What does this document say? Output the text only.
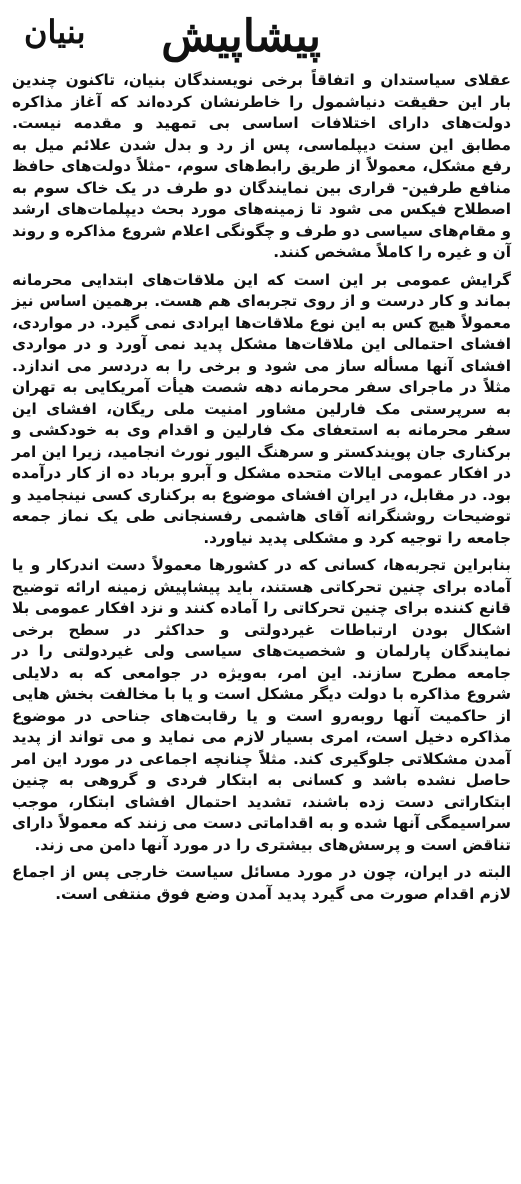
پیشاپیش
بنیان

عقلای سیاستدان و اتفاقاً برخی نویسندگان بنیان، تاکنون چندین بار این حقیقت دنیاشمول را خاطرنشان کرده‌اند که آغاز مذاکره دولت‌های دارای اختلافات اساسی بی تمهید و مقدمه نیست. مطابق این سنت دیپلماسی، پس از رد و بدل شدن علائم میل به رفع مشکل، معمولاً از طریق رابط‌های سوم، -مثلاً دولت‌های حافظ منافع طرفین- قراری بین نمایندگان دو طرف در یک خاک سوم به اصطلاح فیکس می شود تا زمینه‌های مورد بحث دیپلمات‌های ارشد و مقام‌های سیاسی دو طرف و چگونگی اعلام شروع مذاکره و روند آن و غیره را کاملاً مشخص کنند.

گرایش عمومی بر این است که این ملاقات‌های ابتدایی محرمانه بماند و کار درست و از روی تجربه‌ای هم هست. برهمین اساس نیز معمولاً هیچ کس به این نوع ملاقات‌ها ایرادی نمی گیرد. در مواردی، افشای احتمالی این ملاقات‌ها مشکل پدید نمی آورد و در مواردی افشای آنها مسأله ساز می شود و برخی را به دردسر می اندازد. مثلاً در ماجرای سفر محرمانه دهه شصت هیأت آمریکایی به تهران به سرپرستی مک فارلین مشاور امنیت ملی ریگان، افشای این سفر محرمانه به استعفای مک فارلین و اقدام وی به خودکشی و برکناری جان پویندکستر و سرهنگ الیور نورث انجامید، زیرا این امر در افکار عمومی ایالات متحده مشکل و آبرو برباد ده از کار درآمده بود. در مقابل، در ایران افشای موضوع به برکناری کسی نینجامید و توضیحات روشنگرانه آقای هاشمی رفسنجانی طی یک نماز جمعه جامعه را توجیه کرد و مشکلی پدید نیاورد.

بنابراین تجربه‌ها، کسانی که در کشورها معمولاً دست اندرکار و یا آماده برای چنین تحرکاتی هستند، باید پیشاپیش زمینه ارائه توضیح قانع کننده برای چنین تحرکاتی را آماده کنند و نزد افکار عمومی بلا اشکال بودن ارتباطات غیردولتی و حداکثر در سطح برخی نمایندگان پارلمان و شخصیت‌های سیاسی ولی غیردولتی را در جامعه مطرح سازند. این امر، به‌ویژه در جوامعی که به دلایلی شروع مذاکره با دولت دیگر مشکل است و یا با مخالفت بخش هایی از حاکمیت آنها روبه‌رو است و یا رقابت‌های جناحی در موضوع مذاکره دخیل است، امری بسیار لازم می نماید و می تواند از پدید آمدن مشکلاتی جلوگیری کند. مثلاً چنانچه اجماعی در مورد این امر حاصل نشده باشد و کسانی به ابتکار فردی و گروهی به چنین ابتکاراتی دست زده باشند، تشدید احتمال افشای ابتکار، موجب سراسیمگی آنها شده و به اقداماتی دست می زنند که معمولاً دارای تناقض است و پرسش‌های بیشتری را در مورد آنها دامن می زند.

البته در ایران، چون در مورد مسائل سیاست خارجی پس از اجماع لازم اقدام صورت می گیرد پدید آمدن وضع فوق منتفی است.
